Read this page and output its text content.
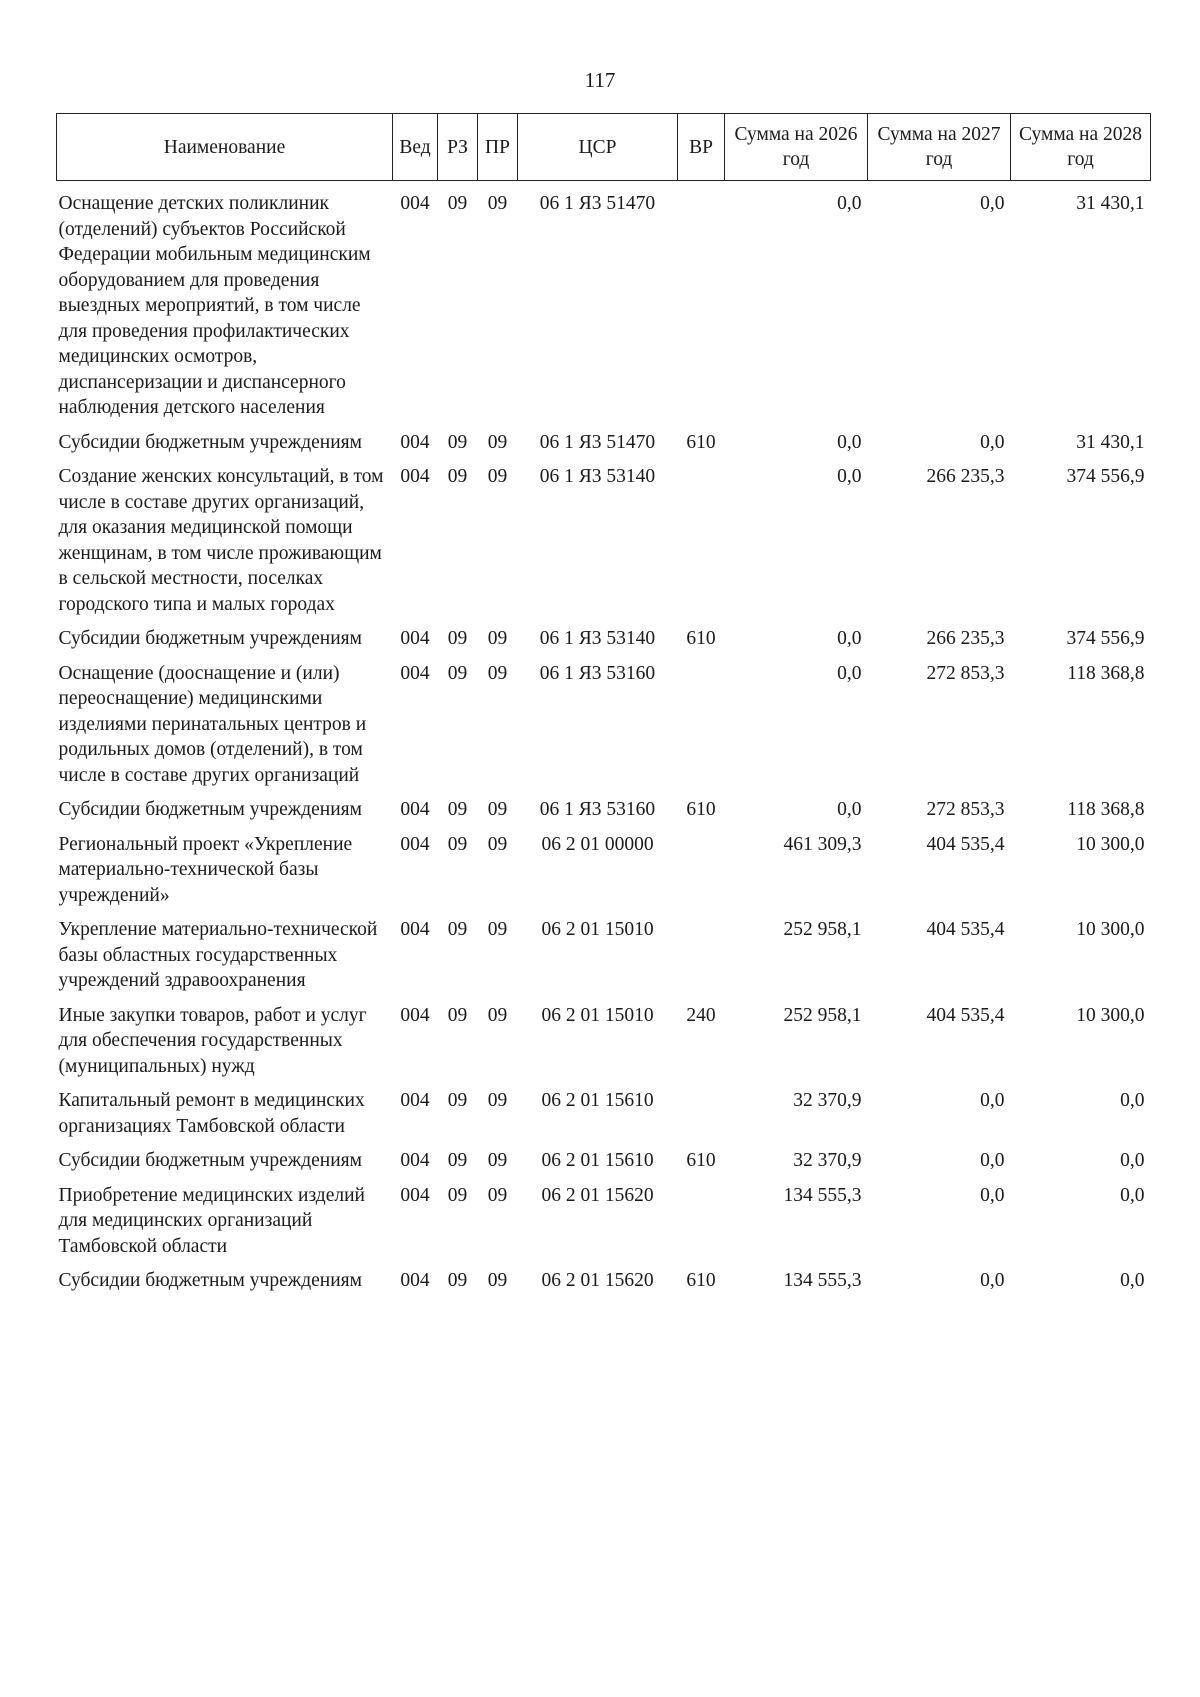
117
Наименование	Вед	РЗ	ПР	ЦСР	ВР	Сумма на 2026 год	Сумма на 2027 год	Сумма на 2028 год
Оснащение детских поликлиник (отделений) субъектов Российской Федерации мобильным медицинским оборудованием для проведения выездных мероприятий, в том числе для проведения профилактических медицинских осмотров, диспансеризации и диспансерного наблюдения детского населения	004	09	09	06 1 Я3 51470		0,0	0,0	31 430,1
Субсидии бюджетным учреждениям	004	09	09	06 1 Я3 51470	610	0,0	0,0	31 430,1
Создание женских консультаций, в том числе в составе других организаций, для оказания медицинской помощи женщинам, в том числе проживающим в сельской местности, поселках городского типа и малых городах	004	09	09	06 1 Я3 53140		0,0	266 235,3	374 556,9
Субсидии бюджетным учреждениям	004	09	09	06 1 Я3 53140	610	0,0	266 235,3	374 556,9
Оснащение (дооснащение и (или) переоснащение) медицинскими изделиями перинатальных центров и родильных домов (отделений), в том числе в составе других организаций	004	09	09	06 1 Я3 53160		0,0	272 853,3	118 368,8
Субсидии бюджетным учреждениям	004	09	09	06 1 Я3 53160	610	0,0	272 853,3	118 368,8
Региональный проект «Укрепление материально-технической базы учреждений»	004	09	09	06 2 01 00000		461 309,3	404 535,4	10 300,0
Укрепление материально-технической базы областных государственных учреждений здравоохранения	004	09	09	06 2 01 15010		252 958,1	404 535,4	10 300,0
Иные закупки товаров, работ и услуг для обеспечения государственных (муниципальных) нужд	004	09	09	06 2 01 15010	240	252 958,1	404 535,4	10 300,0
Капитальный ремонт в медицинских организациях Тамбовской области	004	09	09	06 2 01 15610		32 370,9	0,0	0,0
Субсидии бюджетным учреждениям	004	09	09	06 2 01 15610	610	32 370,9	0,0	0,0
Приобретение медицинских изделий для медицинских организаций Тамбовской области	004	09	09	06 2 01 15620		134 555,3	0,0	0,0
Субсидии бюджетным учреждениям	004	09	09	06 2 01 15620	610	134 555,3	0,0	0,0
